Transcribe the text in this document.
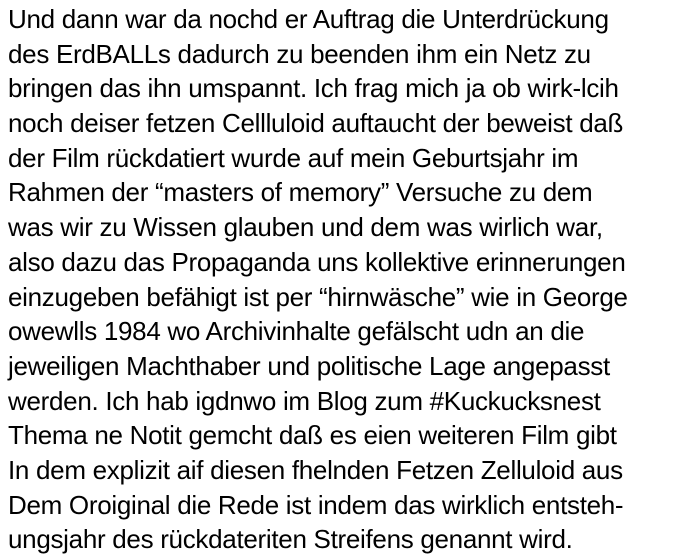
Und dann war da nochd er Auftrag die Unterdrückung
des ErdBALLs dadurch zu beenden ihm ein Netz zu
bringen das ihn umspannt. Ich frag mich ja ob wirk-lcih
noch deiser fetzen Cellluloid auftaucht der beweist daß
der Film rückdatiert wurde auf mein Geburtsjahr im
Rahmen der “masters of memory” Versuche zu dem
was wir zu Wissen glauben und dem was wirlich war,
also dazu das Propaganda uns kollektive erinnerungen
einzugeben befähigt ist per “hirnwäsche” wie in George
owewlls 1984 wo Archivinhalte gefälscht udn an die
jeweiligen Machthaber und politische Lage angepasst
werden. Ich hab igdnwo im Blog zum #Kuckucksnest
Thema ne Notit gemcht daß es eien weiteren Film gibt
In dem explizit aif diesen fhelnden Fetzen Zelluloid aus
Dem Oroiginal die Rede ist indem das wirklich entsteh-
ungsjahr des rückdateriten Streifens genannt wird.
